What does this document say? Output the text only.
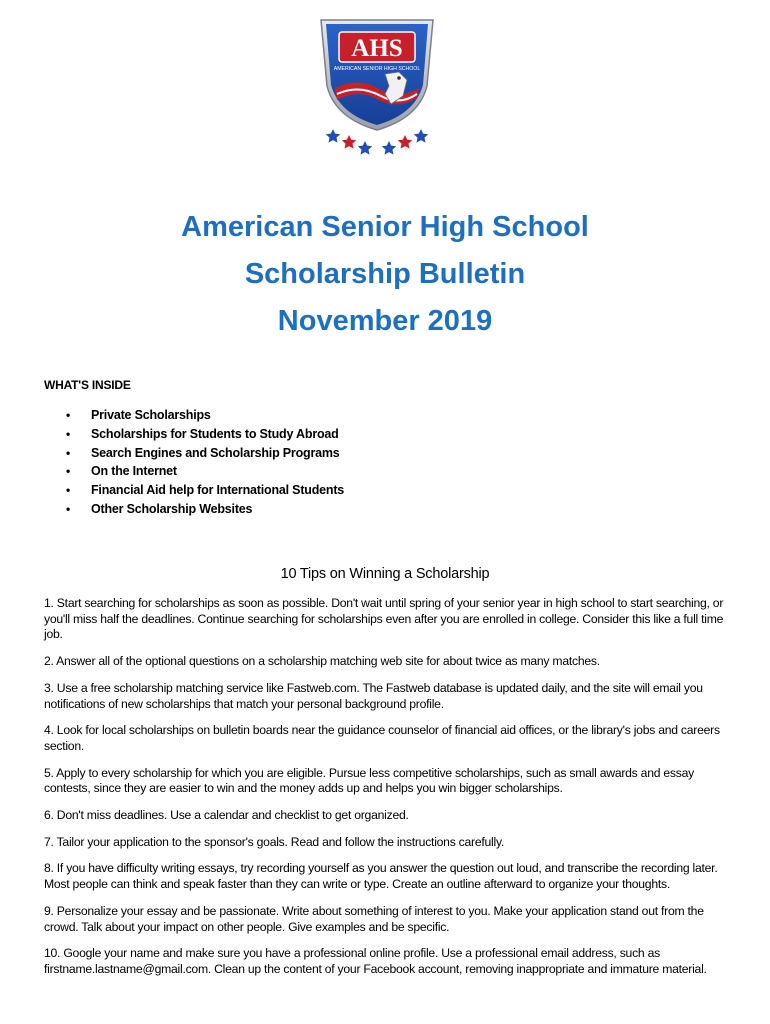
AHS
AMERICAN SENIOR HIGH SCHOOL
American Senior High School
Scholarship Bulletin
November 2019
WHAT'S INSIDE
• Private Scholarships
• Scholarships for Students to Study Abroad
• Search Engines and Scholarship Programs
• On the Internet
• Financial Aid help for International Students
• Other Scholarship Websites
10 Tips on Winning a Scholarship

1. Start searching for scholarships as soon as possible. Don't wait until spring of your senior year in high school to start searching, or you'll miss half the deadlines. Continue searching for scholarships even after you are enrolled in college. Consider this like a full time job.

2. Answer all of the optional questions on a scholarship matching web site for about twice as many matches.

3. Use a free scholarship matching service like Fastweb.com. The Fastweb database is updated daily, and the site will email you notifications of new scholarships that match your personal background profile.

4. Look for local scholarships on bulletin boards near the guidance counselor of financial aid offices, or the library's jobs and careers section.

5. Apply to every scholarship for which you are eligible. Pursue less competitive scholarships, such as small awards and essay contests, since they are easier to win and the money adds up and helps you win bigger scholarships.

6. Don't miss deadlines. Use a calendar and checklist to get organized.

7. Tailor your application to the sponsor's goals. Read and follow the instructions carefully.

8. If you have difficulty writing essays, try recording yourself as you answer the question out loud, and transcribe the recording later. Most people can think and speak faster than they can write or type. Create an outline afterward to organize your thoughts.

9. Personalize your essay and be passionate. Write about something of interest to you. Make your application stand out from the crowd. Talk about your impact on other people. Give examples and be specific.

10. Google your name and make sure you have a professional online profile. Use a professional email address, such as firstname.lastname@gmail.com. Clean up the content of your Facebook account, removing inappropriate and immature material.
